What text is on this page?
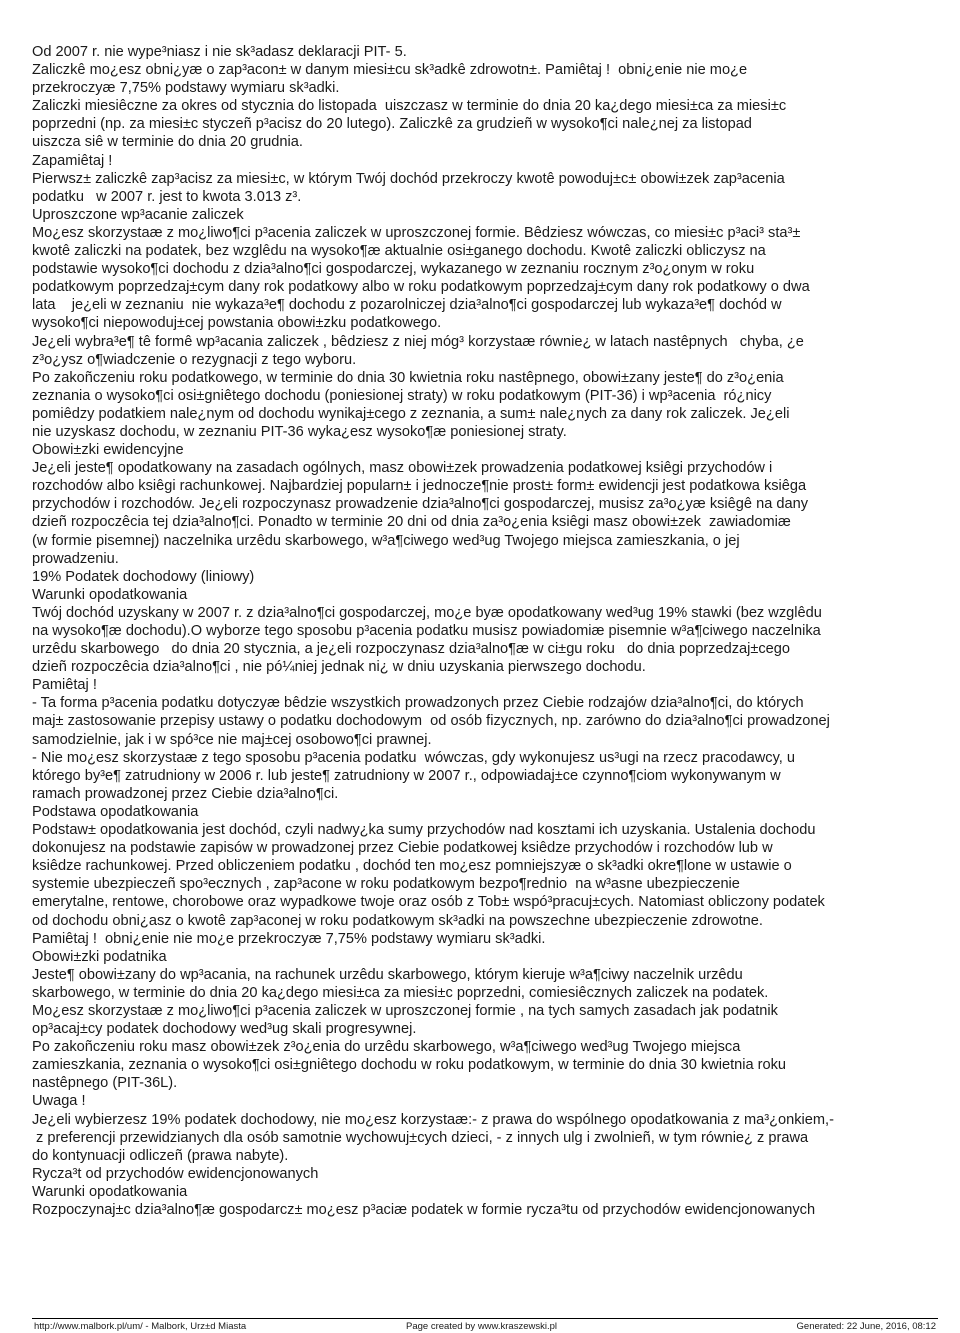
Od 2007 r. nie wype³niasz i nie sk³adasz deklaracji PIT- 5.
Zaliczkê mo¿esz obni¿yæ o zap³acon± w danym miesi±cu sk³adkê zdrowotn±. Pamiêtaj !  obni¿enie nie mo¿e
przekroczyæ 7,75% podstawy wymiaru sk³adki.
Zaliczki miesiêczne za okres od stycznia do listopada  uiszczasz w terminie do dnia 20 ka¿dego miesi±ca za miesi±c
poprzedni (np. za miesi±c styczeñ p³acisz do 20 lutego). Zaliczkê za grudzieñ w wysoko¶ci nale¿nej za listopad
uiszcza siê w terminie do dnia 20 grudnia.
Zapamiêtaj !
Pierwsz± zaliczkê zap³acisz za miesi±c, w którym Twój dochód przekroczy kwotê powoduj±c± obowi±zek zap³acenia
podatku   w 2007 r. jest to kwota 3.013 z³.
Uproszczone wp³acanie zaliczek
Mo¿esz skorzystaæ z mo¿liwo¶ci p³acenia zaliczek w uproszczonej formie. Bêdziesz wówczas, co miesi±c p³aci³ sta³±
kwotê zaliczki na podatek, bez wzglêdu na wysoko¶æ aktualnie osi±ganego dochodu. Kwotê zaliczki obliczysz na
podstawie wysoko¶ci dochodu z dzia³alno¶ci gospodarczej, wykazanego w zeznaniu rocznym z³o¿onym w roku
podatkowym poprzedzaj±cym dany rok podatkowy albo w roku podatkowym poprzedzaj±cym dany rok podatkowy o dwa
lata    je¿eli w zeznaniu  nie wykaza³e¶ dochodu z pozarolniczej dzia³alno¶ci gospodarczej lub wykaza³e¶ dochód w
wysoko¶ci niepowoduj±cej powstania obowi±zku podatkowego.
Je¿eli wybra³e¶ tê formê wp³acania zaliczek , bêdziesz z niej móg³ korzystaæ równie¿ w latach nastêpnych   chyba, ¿e
z³o¿ysz o¶wiadczenie o rezygnacji z tego wyboru.
Po zakoñczeniu roku podatkowego, w terminie do dnia 30 kwietnia roku nastêpnego, obowi±zany jeste¶ do z³o¿enia
zeznania o wysoko¶ci osi±gniêtego dochodu (poniesionej straty) w roku podatkowym (PIT-36) i wp³acenia  ró¿nicy
pomiêdzy podatkiem nale¿nym od dochodu wynikaj±cego z zeznania, a sum± nale¿nych za dany rok zaliczek. Je¿eli
nie uzyskasz dochodu, w zeznaniu PIT-36 wyka¿esz wysoko¶æ poniesionej straty.
Obowi±zki ewidencyjne
Je¿eli jeste¶ opodatkowany na zasadach ogólnych, masz obowi±zek prowadzenia podatkowej ksiêgi przychodów i
rozchodów albo ksiêgi rachunkowej. Najbardziej popularn± i jednocze¶nie prost± form± ewidencji jest podatkowa ksiêga
przychodów i rozchodów. Je¿eli rozpoczynasz prowadzenie dzia³alno¶ci gospodarczej, musisz za³o¿yæ ksiêgê na dany
dzieñ rozpoczêcia tej dzia³alno¶ci. Ponadto w terminie 20 dni od dnia za³o¿enia ksiêgi masz obowi±zek  zawiadomiæ
(w formie pisemnej) naczelnika urzêdu skarbowego, w³a¶ciwego wed³ug Twojego miejsca zamieszkania, o jej
prowadzeniu.
19% Podatek dochodowy (liniowy)
Warunki opodatkowania
Twój dochód uzyskany w 2007 r. z dzia³alno¶ci gospodarczej, mo¿e byæ opodatkowany wed³ug 19% stawki (bez wzglêdu
na wysoko¶æ dochodu).O wyborze tego sposobu p³acenia podatku musisz powiadomiæ pisemnie w³a¶ciwego naczelnika
urzêdu skarbowego   do dnia 20 stycznia, a je¿eli rozpoczynasz dzia³alno¶æ w ci±gu roku   do dnia poprzedzaj±cego
dzieñ rozpoczêcia dzia³alno¶ci , nie pó¼niej jednak ni¿ w dniu uzyskania pierwszego dochodu.
Pamiêtaj !
- Ta forma p³acenia podatku dotyczyæ bêdzie wszystkich prowadzonych przez Ciebie rodzajów dzia³alno¶ci, do których
maj± zastosowanie przepisy ustawy o podatku dochodowym  od osób fizycznych, np. zarówno do dzia³alno¶ci prowadzonej
samodzielnie, jak i w spó³ce nie maj±cej osobowo¶ci prawnej.
- Nie mo¿esz skorzystaæ z tego sposobu p³acenia podatku  wówczas, gdy wykonujesz us³ugi na rzecz pracodawcy, u
którego by³e¶ zatrudniony w 2006 r. lub jeste¶ zatrudniony w 2007 r., odpowiadaj±ce czynno¶ciom wykonywanym w
ramach prowadzonej przez Ciebie dzia³alno¶ci.
Podstawa opodatkowania
Podstaw± opodatkowania jest dochód, czyli nadwy¿ka sumy przychodów nad kosztami ich uzyskania. Ustalenia dochodu
dokonujesz na podstawie zapisów w prowadzonej przez Ciebie podatkowej ksiêdze przychodów i rozchodów lub w
ksiêdze rachunkowej. Przed obliczeniem podatku , dochód ten mo¿esz pomniejszyæ o sk³adki okre¶lone w ustawie o
systemie ubezpieczeñ spo³ecznych , zap³acone w roku podatkowym bezpo¶rednio  na w³asne ubezpieczenie
emerytalne, rentowe, chorobowe oraz wypadkowe twoje oraz osób z Tob± wspó³pracuj±cych. Natomiast obliczony podatek
od dochodu obni¿asz o kwotê zap³aconej w roku podatkowym sk³adki na powszechne ubezpieczenie zdrowotne.
Pamiêtaj !  obni¿enie nie mo¿e przekroczyæ 7,75% podstawy wymiaru sk³adki.
Obowi±zki podatnika
Jeste¶ obowi±zany do wp³acania, na rachunek urzêdu skarbowego, którym kieruje w³a¶ciwy naczelnik urzêdu
skarbowego, w terminie do dnia 20 ka¿dego miesi±ca za miesi±c poprzedni, comiesiêcznych zaliczek na podatek.
Mo¿esz skorzystaæ z mo¿liwo¶ci p³acenia zaliczek w uproszczonej formie , na tych samych zasadach jak podatnik
op³acaj±cy podatek dochodowy wed³ug skali progresywnej.
Po zakoñczeniu roku masz obowi±zek z³o¿enia do urzêdu skarbowego, w³a¶ciwego wed³ug Twojego miejsca
zamieszkania, zeznania o wysoko¶ci osi±gniêtego dochodu w roku podatkowym, w terminie do dnia 30 kwietnia roku
nastêpnego (PIT-36L).
Uwaga !
Je¿eli wybierzesz 19% podatek dochodowy, nie mo¿esz korzystaæ:- z prawa do wspólnego opodatkowania z ma³¿onkiem,-
z preferencji przewidzianych dla osób samotnie wychowuj±cych dzieci, - z innych ulg i zwolnieñ, w tym równie¿ z prawa
do kontynuacji odliczeñ (prawa nabyte).
Rycza³t od przychodów ewidencjonowanych
Warunki opodatkowania
Rozpoczynaj±c dzia³alno¶æ gospodarcz± mo¿esz p³aciæ podatek w formie rycza³tu od przychodów ewidencjonowanych
http://www.malbork.pl/um/ - Malbork, Urz±d Miasta	Page created by www.kraszewski.pl	Generated: 22 June, 2016, 08:12
